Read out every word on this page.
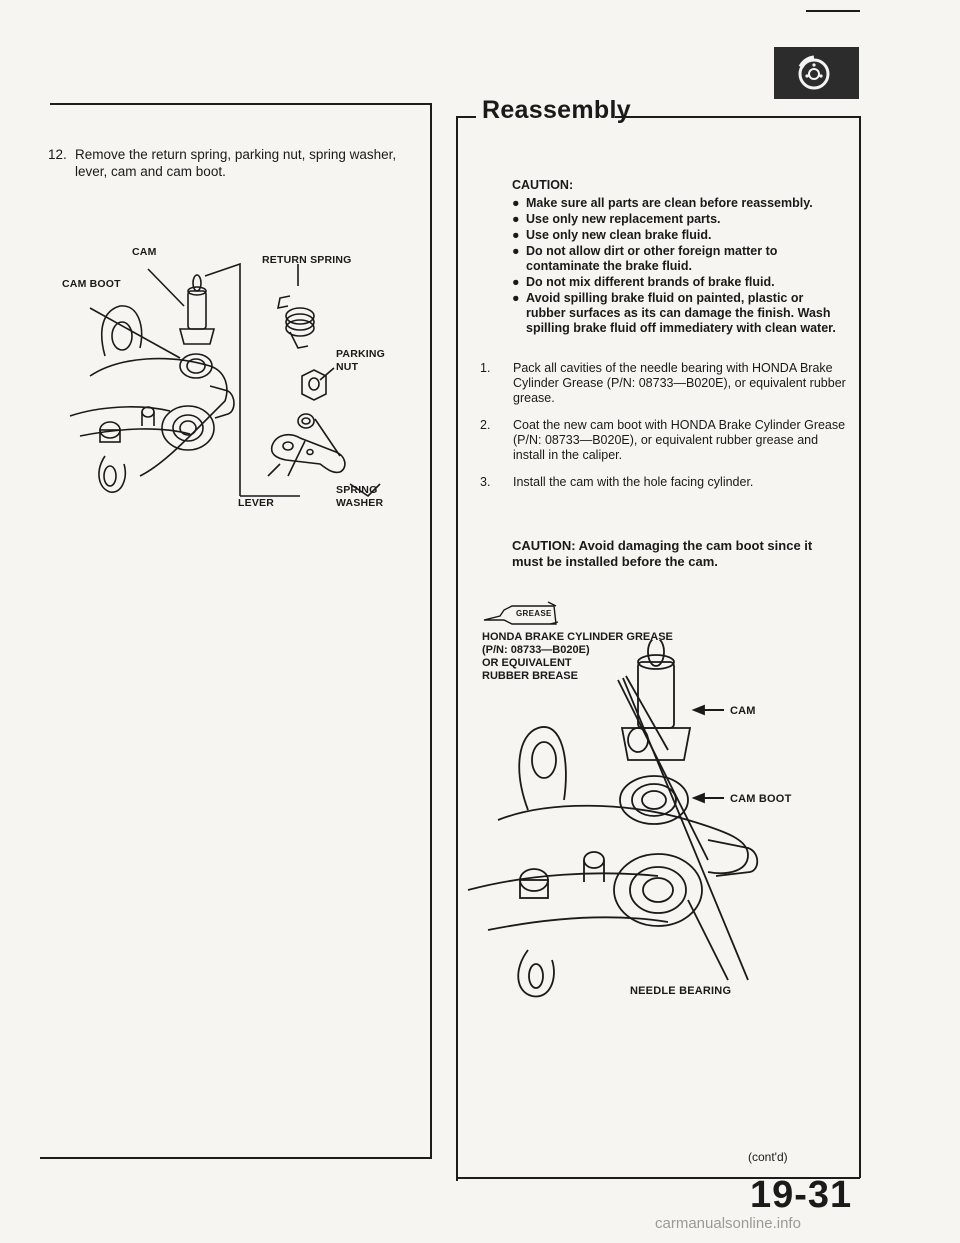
12. Remove the return spring, parking nut, spring washer, lever, cam and cam boot.
CAM
CAM BOOT
RETURN SPRING
PARKING
NUT
LEVER
SPRING
WASHER
Reassembly
CAUTION:
● Make sure all parts are clean before reassembly.
● Use only new replacement parts.
● Use only new clean brake fluid.
● Do not allow dirt or other foreign matter to contaminate the brake fluid.
● Do not mix different brands of brake fluid.
● Avoid spilling brake fluid on painted, plastic or rubber surfaces as its can damage the finish. Wash spilling brake fluid off immediatery with clean water.
1. Pack all cavities of the needle bearing with HONDA Brake Cylinder Grease (P/N: 08733—B020E), or equivalent rubber grease.
2. Coat the new cam boot with HONDA Brake Cylinder Grease (P/N: 08733—B020E), or equivalent rubber grease and install in the caliper.
3. Install the cam with the hole facing cylinder.
CAUTION: Avoid damaging the cam boot since it must be installed before the cam.
GREASE
HONDA BRAKE CYLINDER GREASE
(P/N: 08733—B020E)
OR EQUIVALENT
RUBBER BREASE
CAM
CAM BOOT
NEEDLE BEARING
(cont'd)
19-31
carmanualsonline.info
